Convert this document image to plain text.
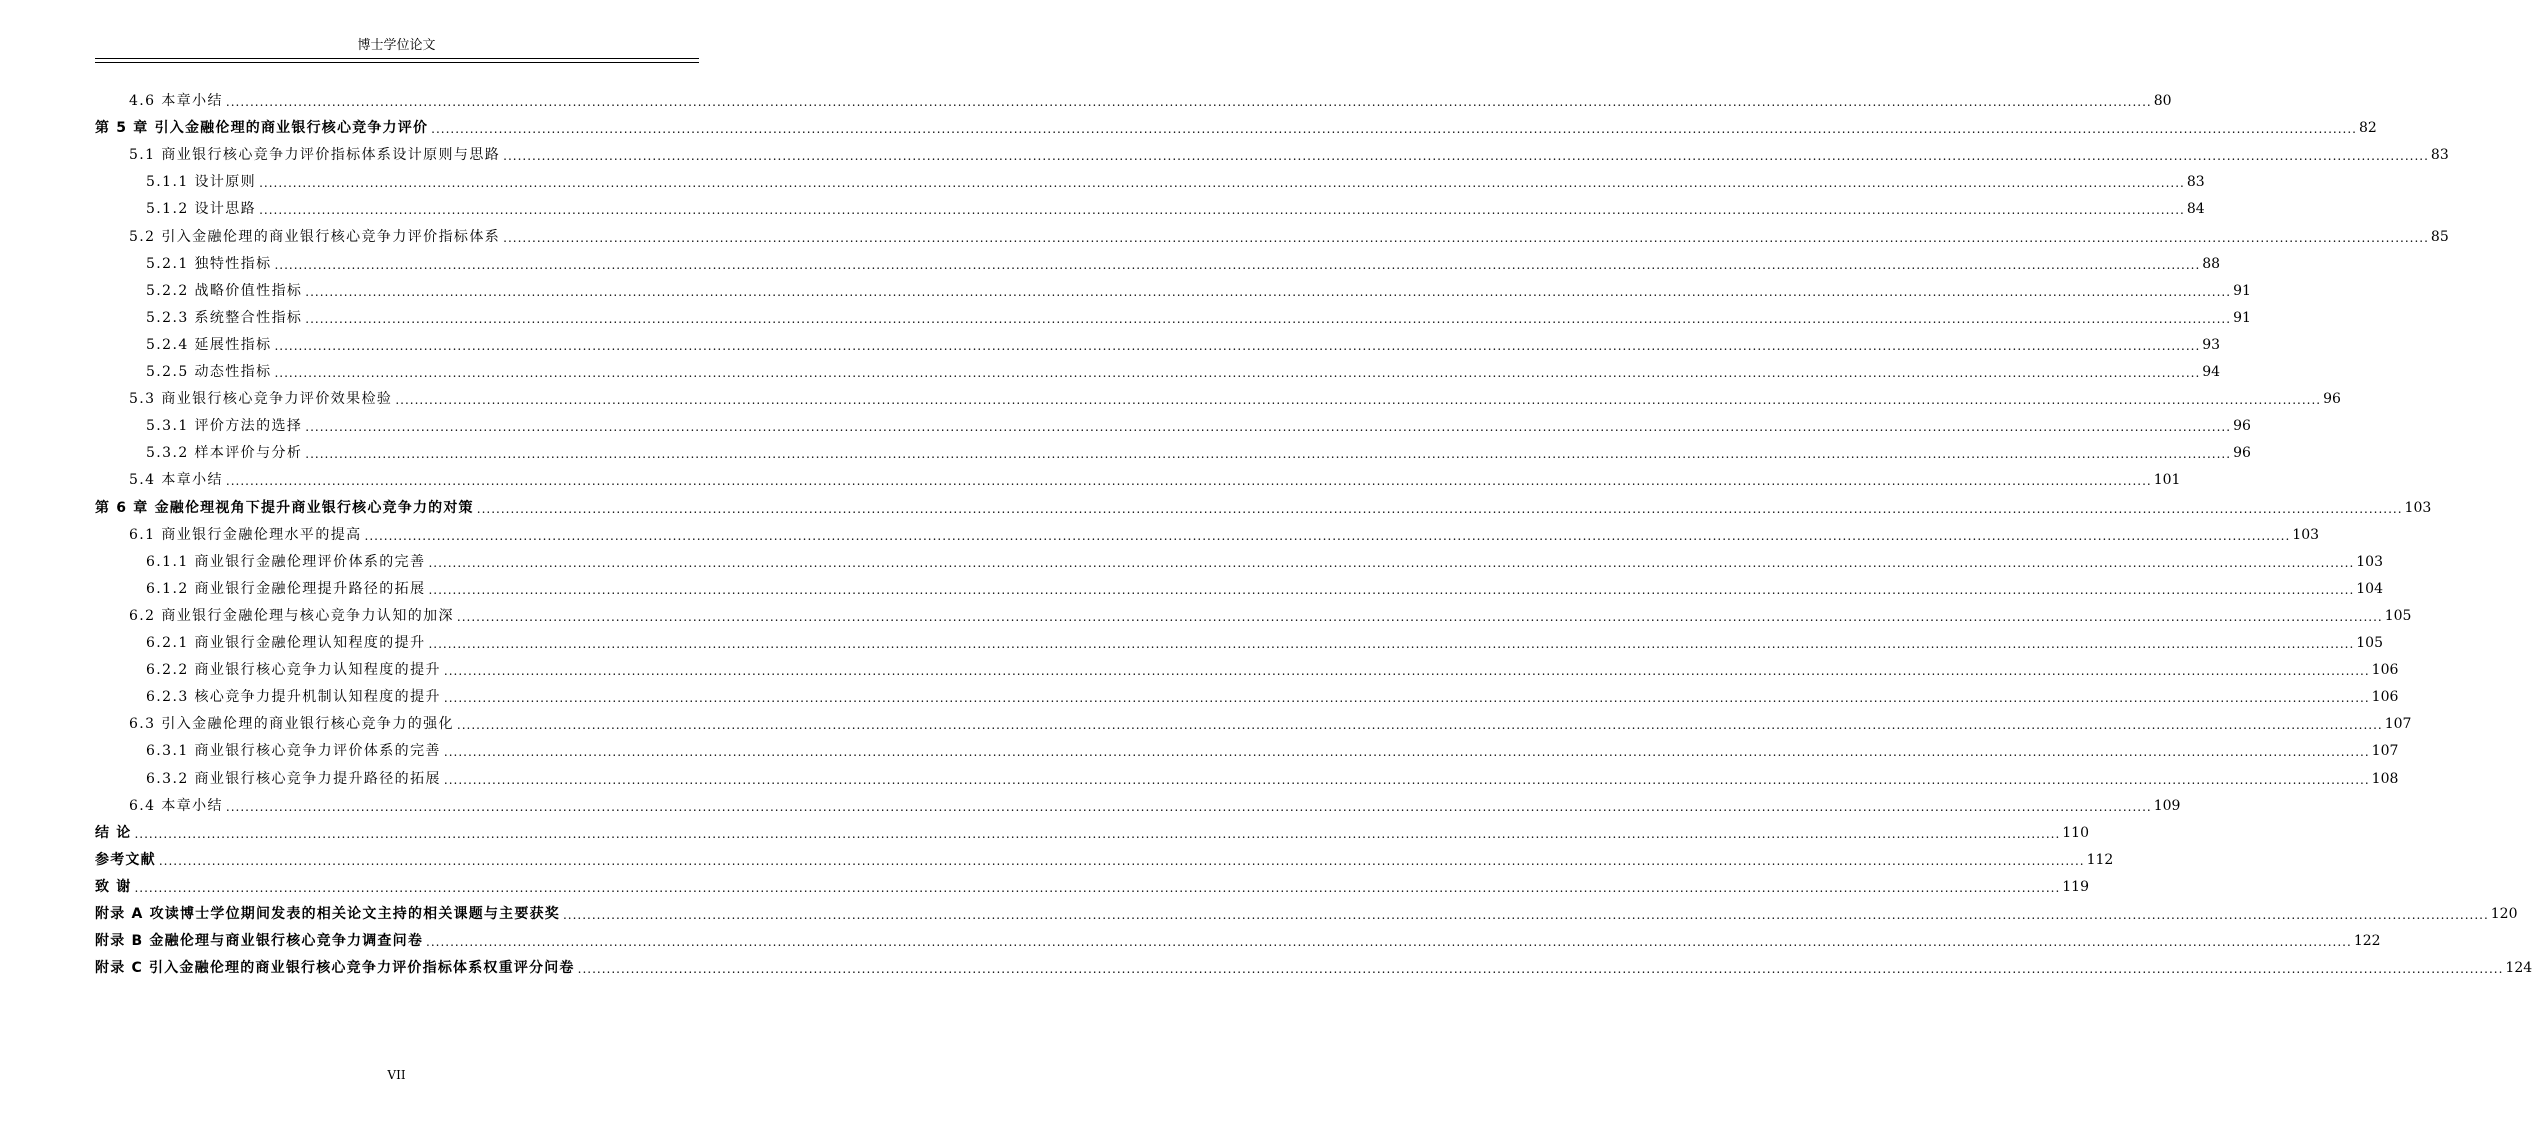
博士学位论文
4.6 本章小结 ................................................................................................................................................................................................................................................................................................................................................................................................................ 80
第 5 章 引入金融伦理的商业银行核心竞争力评价 ................................................................................................................................................................................................................................................................................................................................................................................................................ 82
5.1 商业银行核心竞争力评价指标体系设计原则与思路 ................................................................................................................................................................................................................................................................................................................................................................................................................ 83
5.1.1 设计原则 ................................................................................................................................................................................................................................................................................................................................................................................................................ 83
5.1.2 设计思路 ................................................................................................................................................................................................................................................................................................................................................................................................................ 84
5.2 引入金融伦理的商业银行核心竞争力评价指标体系 ................................................................................................................................................................................................................................................................................................................................................................................................................ 85
5.2.1 独特性指标 ................................................................................................................................................................................................................................................................................................................................................................................................................ 88
5.2.2 战略价值性指标 ................................................................................................................................................................................................................................................................................................................................................................................................................ 91
5.2.3 系统整合性指标 ................................................................................................................................................................................................................................................................................................................................................................................................................ 91
5.2.4 延展性指标 ................................................................................................................................................................................................................................................................................................................................................................................................................ 93
5.2.5 动态性指标 ................................................................................................................................................................................................................................................................................................................................................................................................................ 94
5.3 商业银行核心竞争力评价效果检验 ................................................................................................................................................................................................................................................................................................................................................................................................................ 96
5.3.1 评价方法的选择 ................................................................................................................................................................................................................................................................................................................................................................................................................ 96
5.3.2 样本评价与分析 ................................................................................................................................................................................................................................................................................................................................................................................................................ 96
5.4 本章小结 ................................................................................................................................................................................................................................................................................................................................................................................................................ 101
第 6 章 金融伦理视角下提升商业银行核心竞争力的对策 ................................................................................................................................................................................................................................................................................................................................................................................................................ 103
6.1 商业银行金融伦理水平的提高 ................................................................................................................................................................................................................................................................................................................................................................................................................ 103
6.1.1 商业银行金融伦理评价体系的完善 ................................................................................................................................................................................................................................................................................................................................................................................................................ 103
6.1.2 商业银行金融伦理提升路径的拓展 ................................................................................................................................................................................................................................................................................................................................................................................................................ 104
6.2 商业银行金融伦理与核心竞争力认知的加深 ................................................................................................................................................................................................................................................................................................................................................................................................................ 105
6.2.1 商业银行金融伦理认知程度的提升 ................................................................................................................................................................................................................................................................................................................................................................................................................ 105
6.2.2 商业银行核心竞争力认知程度的提升 ................................................................................................................................................................................................................................................................................................................................................................................................................ 106
6.2.3 核心竞争力提升机制认知程度的提升 ................................................................................................................................................................................................................................................................................................................................................................................................................ 106
6.3 引入金融伦理的商业银行核心竞争力的强化 ................................................................................................................................................................................................................................................................................................................................................................................................................ 107
6.3.1 商业银行核心竞争力评价体系的完善 ................................................................................................................................................................................................................................................................................................................................................................................................................ 107
6.3.2 商业银行核心竞争力提升路径的拓展 ................................................................................................................................................................................................................................................................................................................................................................................................................ 108
6.4 本章小结 ................................................................................................................................................................................................................................................................................................................................................................................................................ 109
结 论 ................................................................................................................................................................................................................................................................................................................................................................................................................ 110
参考文献 ................................................................................................................................................................................................................................................................................................................................................................................................................ 112
致 谢 ................................................................................................................................................................................................................................................................................................................................................................................................................ 119
附录 A 攻读博士学位期间发表的相关论文主持的相关课题与主要获奖 ................................................................................................................................................................................................................................................................................................................................................................................................................ 120
附录 B 金融伦理与商业银行核心竞争力调查问卷 ................................................................................................................................................................................................................................................................................................................................................................................................................ 122
附录 C 引入金融伦理的商业银行核心竞争力评价指标体系权重评分问卷 ................................................................................................................................................................................................................................................................................................................................................................................................................ 124
VII
